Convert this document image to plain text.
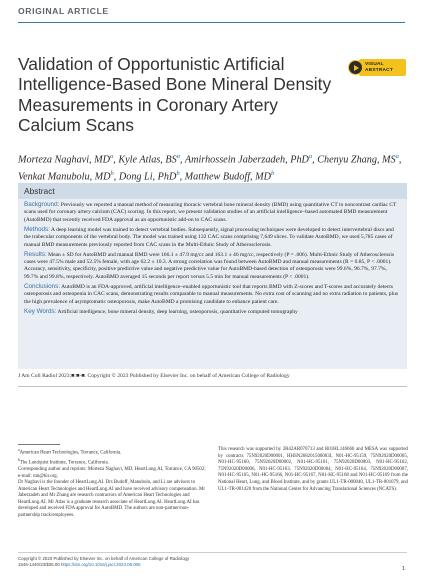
ORIGINAL ARTICLE
Validation of Opportunistic Artificial Intelligence-Based Bone Mineral Density Measurements in Coronary Artery Calcium Scans
VISUAL ABSTRACT
Morteza Naghavi, $MD^a$, Kyle Atlas, $BS^a$, Amirhossein Jaberzadeh, PhD$^a$, Chenyu Zhang, $MS^a$, Venkat Manubolu, $MD^b$, Dong Li, PhD$^b$, Matthew Budoff, $MD^b$
Abstract

Background: Previously we reported a manual method of measuring thoracic vertebral bone mineral density (BMD) using quantitative CT in noncontrast cardiac CT scans used for coronary artery calcium (CAC) scoring. In this report, we present validation studies of an artificial intelligence–based automated BMD measurement (AutoBMD) that recently received FDA approval as an opportunistic add-on to CAC scans.

Methods: A deep learning model was trained to detect vertebral bodies. Subsequently, signal processing techniques were developed to detect intervertebral discs and the trabecular components of the vertebral body. The model was trained using 132 CAC scans comprising 7,649 slices. To validate AutoBMD, we used 5,785 cases of manual BMD measurements previously reported from CAC scans in the Multi-Ethnic Study of Atherosclerosis.

Results: Mean ± SD for AutoBMD and manual BMD were 166.1 ± 47.9 mg/cc and 163.1 ± 46 mg/cc, respectively (P = .006). Multi-Ethnic Study of Atherosclerosis cases were 47.5% male and 52.5% female, with age 62.2 ± 10.3. A strong correlation was found between AutoBMD and manual measurements (R = 0.85, P < .0001). Accuracy, sensitivity, specificity, positive predictive value and negative predictive value for AutoBMD-based detection of osteoporosis were 99.6%, 96.7%, 97.7%, 99.7% and 99.8%, respectively. AutoBMD averaged 15 seconds per report versus 5.5 min for manual measurements (P < .0001).

Conclusions: AutoBMD is an FDA-approved, artificial intelligence–enabled opportunistic tool that reports BMD with Z-scores and T-scores and accurately detects osteoporosis and osteopenia in CAC scans, demonstrating results comparable to manual measurements. No extra cost of scanning and no extra radiation to patients, plus the high prevalence of asymptomatic osteoporosis, make AutoBMD a promising candidate to enhance patient care.

Key Words: Artificial intelligence, bone mineral density, deep learning, osteoporosis, quantitative computed tomography

J Am Coll Radiol 2023;■:■-■. Copyright © 2023 Published by Elsevier Inc. on behalf of American College of Radiology

$^a$American Heart Technologies, Torrance, California.

$^b$The Lundquist Institute, Torrance, California.

Corresponding author and reprints: Morteza Naghavi, MD, HeartLung.AI, Torrance, CA 90502; e-mail: mn@hir.org.

Dr Naghavi is the founder of HeartLung.AI. Drs Budoff, Manubolu, and Li are advisors to American Heart Technologies and HeartLung.AI and have received advisory compensation. Mr Jaberzadeh and Mr Zhang are research contractors of American Heart Technologies and HeartLung.AI. Mr Atlas is a graduate research associate of HeartLung.AI. HeartLung.AI has developed and received FDA approval for AutoBMD. The authors are non-partner/non-partnership track/employees.

This research was supported by 2R42AR070713 and R01HL146666 and MESA was supported by contracts 75N92020D00001, HHSN268201500003I, N01-HC-95159, 75N92020D00005, N01-HC-95160, 75N92020D00002, N01-HC-95161, 75N92020D00003, N01-HC-95162, 75N92020D00006, N01-HC-95163, 75N92020D00004, N01-HC-95164, 75N92020D00007, N01-HC-95165, N01-HC-95166, N01-HC-95167, N01-HC-95168 and N01-HC-95169 from the National Heart, Lung, and Blood Institute, and by grants UL1-TR-000040, UL1-TR-001079, and UL1-TR-001420 from the National Center for Advancing Translational Sciences (NCATS).
Copyright © 2023 Published by Elsevier Inc. on behalf of American College of Radiology
1546-1440/23/$36.00 https://doi.org/10.1016/j.jacr.2023.05.006
1
